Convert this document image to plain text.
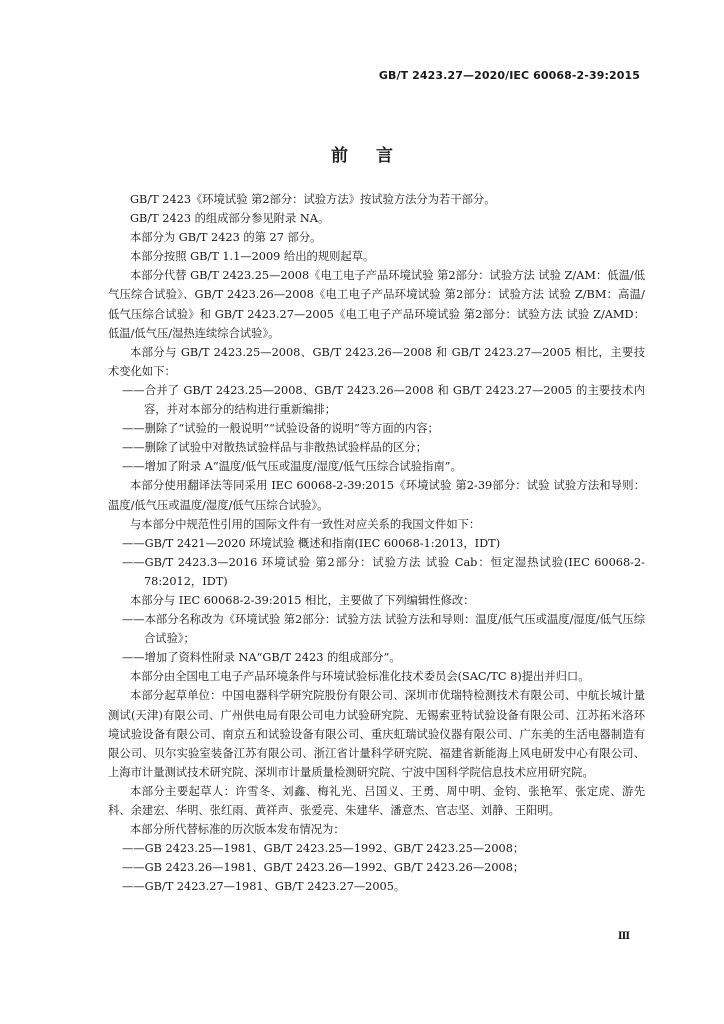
GB/T 2423.27—2020/IEC 60068-2-39:2015
前言

GB/T 2423《环境试验 第2部分：试验方法》按试验方法分为若干部分。

GB/T 2423 的组成部分参见附录 NA。

本部分为 GB/T 2423 的第 27 部分。

本部分按照 GB/T 1.1—2009 给出的规则起草。

本部分代替 GB/T 2423.25—2008《电工电子产品环境试验 第2部分：试验方法 试验 Z/AM：低温/低气压综合试验》、GB/T 2423.26—2008《电工电子产品环境试验 第2部分：试验方法 试验 Z/BM：高温/低气压综合试验》和 GB/T 2423.27—2005《电工电子产品环境试验 第2部分：试验方法 试验 Z/AMD：低温/低气压/湿热连续综合试验》。

本部分与 GB/T 2423.25—2008、GB/T 2423.26—2008 和 GB/T 2423.27—2005 相比，主要技术变化如下：

——合并了 GB/T 2423.25—2008、GB/T 2423.26—2008 和 GB/T 2423.27—2005 的主要技术内容，并对本部分的结构进行重新编排；

——删除了“试验的一般说明”“试验设备的说明”等方面的内容；

——删除了试验中对散热试验样品与非散热试验样品的区分；

——增加了附录 A“温度/低气压或温度/湿度/低气压综合试验指南”。

本部分使用翻译法等同采用 IEC 60068-2-39:2015《环境试验 第2-39部分：试验 试验方法和导则：温度/低气压或温度/湿度/低气压综合试验》。

与本部分中规范性引用的国际文件有一致性对应关系的我国文件如下：

——GB/T 2421—2020 环境试验 概述和指南(IEC 60068-1:2013，IDT)

——GB/T 2423.3—2016 环境试验 第2部分：试验方法 试验 Cab：恒定湿热试验(IEC 60068-2-78:2012，IDT)

本部分与 IEC 60068-2-39:2015 相比，主要做了下列编辑性修改：

——本部分名称改为《环境试验 第2部分：试验方法 试验方法和导则：温度/低气压或温度/湿度/低气压综合试验》；

——增加了资料性附录 NA“GB/T 2423 的组成部分”。

本部分由全国电工电子产品环境条件与环境试验标准化技术委员会(SAC/TC 8)提出并归口。

本部分起草单位：中国电器科学研究院股份有限公司、深圳市优瑞特检测技术有限公司、中航长城计量测试(天津)有限公司、广州供电局有限公司电力试验研究院、无锡索亚特试验设备有限公司、江苏拓米洛环境试验设备有限公司、南京五和试验设备有限公司、重庆虹瑞试验仪器有限公司、广东美的生活电器制造有限公司、贝尔实验室装备江苏有限公司、浙江省计量科学研究院、福建省新能海上风电研发中心有限公司、上海市计量测试技术研究院、深圳市计量质量检测研究院、宁波中国科学院信息技术应用研究院。

本部分主要起草人：许雪冬、刘鑫、梅礼光、吕国义、王勇、周中明、金钧、张艳军、张定虎、游先科、余建宏、华明、张红雨、黄祥声、张爱亮、朱建华、潘意杰、官志坚、刘静、王阳明。

本部分所代替标准的历次版本发布情况为：

——GB 2423.25—1981、GB/T 2423.25—1992、GB/T 2423.25—2008；

——GB 2423.26—1981、GB/T 2423.26—1992、GB/T 2423.26—2008；

——GB/T 2423.27—1981、GB/T 2423.27—2005。

Ⅲ
